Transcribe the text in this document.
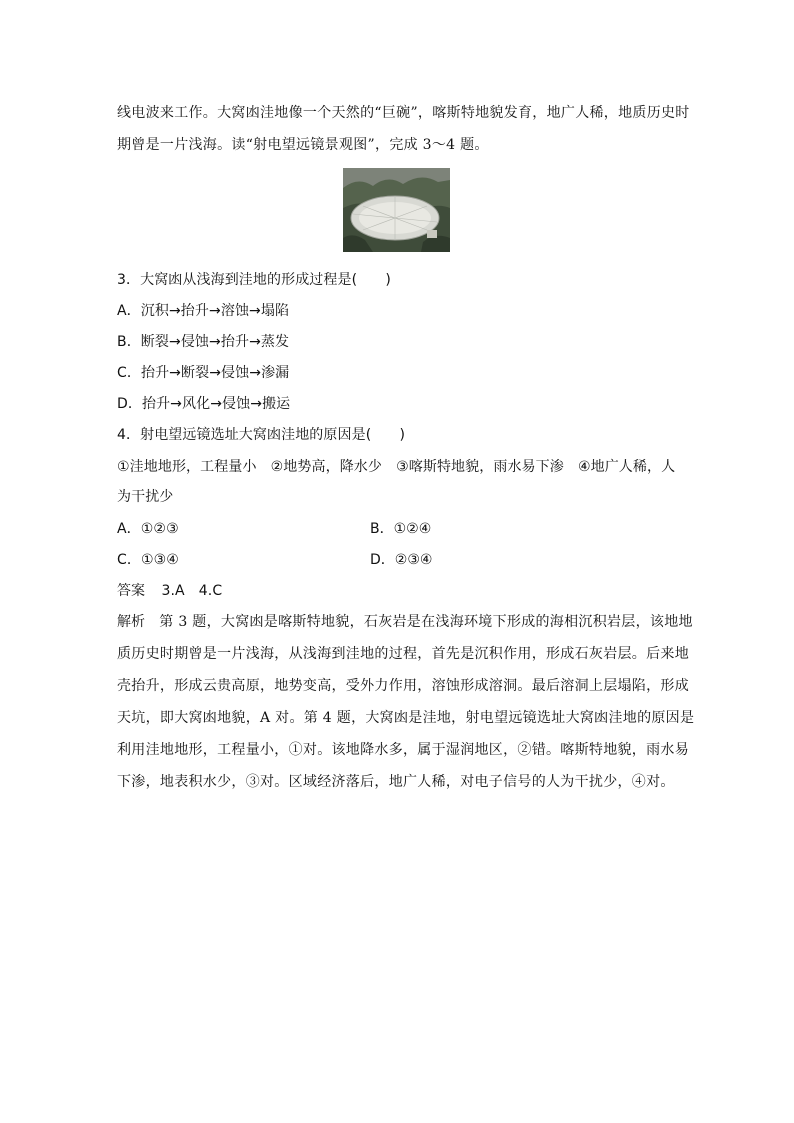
线电波来工作。大窝凼洼地像一个天然的“巨碗”，喀斯特地貌发育，地广人稀，地质历史时
期曾是一片浅海。读“射电望远镜景观图”，完成 3～4 题。
3．大窝凼从浅海到洼地的形成过程是(　　)
A．沉积→抬升→溶蚀→塌陷
B．断裂→侵蚀→抬升→蒸发
C．抬升→断裂→侵蚀→渗漏
D．抬升→风化→侵蚀→搬运
4．射电望远镜选址大窝凼洼地的原因是(　　)
①洼地地形，工程量小　②地势高，降水少　③喀斯特地貌，雨水易下渗　④地广人稀，人
为干扰少
A．①②③	B．①②④
C．①③④	D．②③④
答案 3.A　4.C
解析　第 3 题，大窝凼是喀斯特地貌，石灰岩是在浅海环境下形成的海相沉积岩层，该地地
质历史时期曾是一片浅海，从浅海到洼地的过程，首先是沉积作用，形成石灰岩层。后来地
壳抬升，形成云贵高原，地势变高，受外力作用，溶蚀形成溶洞。最后溶洞上层塌陷，形成
天坑，即大窝凼地貌，A 对。第 4 题，大窝凼是洼地，射电望远镜选址大窝凼洼地的原因是
利用洼地地形，工程量小，①对。该地降水多，属于湿润地区，②错。喀斯特地貌，雨水易
下渗，地表积水少，③对。区域经济落后，地广人稀，对电子信号的人为干扰少，④对。
